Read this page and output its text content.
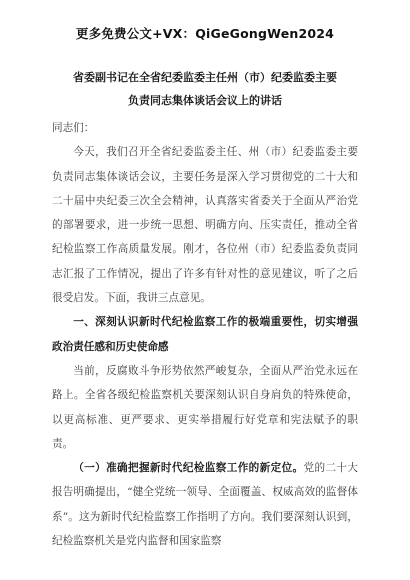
更多免费公文+VX：QiGeGongWen2024
省委副书记在全省纪委监委主任州（市）纪委监委主要负责同志集体谈话会议上的讲话

同志们：

今天，我们召开全省纪委监委主任、州（市）纪委监委主要负责同志集体谈话会议，主要任务是深入学习贯彻党的二十大和二十届中央纪委三次全会精神，认真落实省委关于全面从严治党的部署要求，进一步统一思想、明确方向、压实责任，推动全省纪检监察工作高质量发展。刚才，各位州（市）纪委监委负责同志汇报了工作情况，提出了许多有针对性的意见建议，听了之后很受启发。下面，我讲三点意见。

一、深刻认识新时代纪检监察工作的极端重要性，切实增强政治责任感和历史使命感

当前，反腐败斗争形势依然严峻复杂，全面从严治党永远在路上。全省各级纪检监察机关要深刻认识自身肩负的特殊使命，以更高标准、更严要求、更实举措履行好党章和宪法赋予的职责。

（一）准确把握新时代纪检监察工作的新定位。党的二十大报告明确提出，“健全党统一领导、全面覆盖、权威高效的监督体系”。这为新时代纪检监察工作指明了方向。我们要深刻认识到，纪检监察机关是党内监督和国家监察
